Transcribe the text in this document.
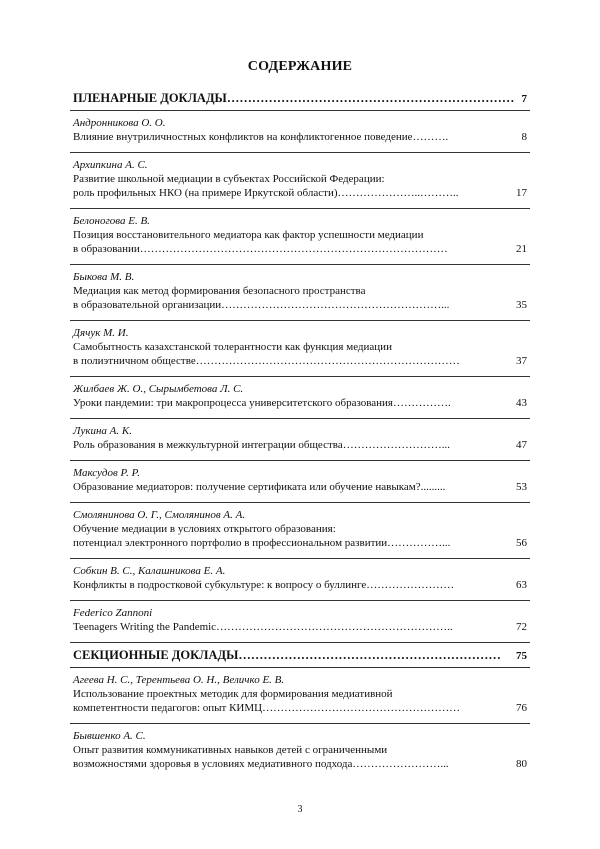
СОДЕРЖАНИЕ
ПЛЕНАРНЫЕ ДОКЛАДЫ…………………………………………………………… 7
Андронникова О. О.
Влияние внутриличностных конфликтов на конфликтогенное поведение……….	8
Архипкина А. С.
Развитие школьной медиации в субъектах Российской Федерации:
роль профильных НКО (на примере Иркутской области)…………………..………..	17
Белоногова Е. В.
Позиция восстановительного медиатора как фактор успешности медиации
в образовании…………………………………………………………………………	21
Быкова М. В.
Медиация как метод формирования безопасного пространства
в образовательной организации……………………………………………………...	35
Дячук М. И.
Самобытность казахстанской толерантности как функция медиации
в полиэтничном обществе………………………………………………………………	37
Жилбаев Ж. О., Сырымбетова Л. С.
Уроки пандемии: три макропроцесса университетского образования…………….	43
Лукина А. К.
Роль образования в межкультурной интеграции общества………………………...	47
Максудов Р. Р.
Образование медиаторов: получение сертификата или обучение навыкам?.........	53
Смолянинова О. Г., Смолянинов А. А.
Обучение медиации в условиях открытого образования:
потенциал электронного портфолио в профессиональном развитии……………...	56
Собкин В. С., Калашникова Е. А.
Конфликты в подростковой субкультуре: к вопросу о буллинге……………………	63
Federico Zannoni
Teenagers Writing the Pandemic………………………………………………………..	72
СЕКЦИОННЫЕ ДОКЛАДЫ……………………………………………………… 75
Агеева Н. С., Терентьева О. Н., Величко Е. В.
Использование проектных методик для формирования медиативной
компетентности педагогов: опыт КИМЦ………………………………………………	76
Бывшенко А. С.
Опыт развития коммуникативных навыков детей с ограниченными
возможностями здоровья в условиях медиативного подхода……………………...	80
3
